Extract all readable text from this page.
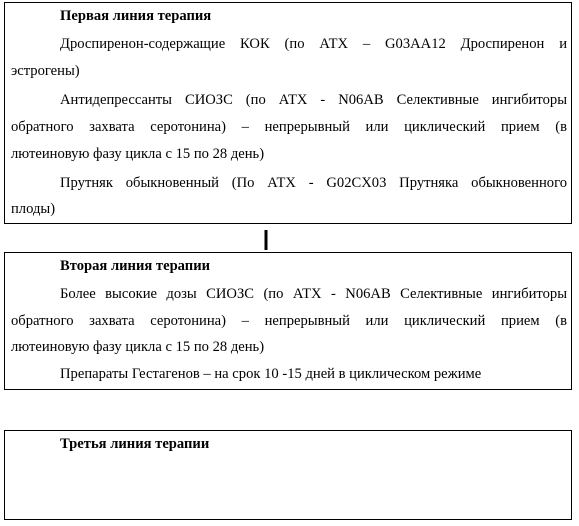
Первая линия терапия
Дроспиренон-содержащие КОК (по АТХ – G03AA12 Дроспиренон и
эстрогены)
Антидепрессанты СИОЗС (по АТХ - N06AB Селективные ингибиторы
обратного захвата серотонина) – непрерывный или циклический прием (в
лютеиновую фазу цикла с 15 по 28 день)
Прутняк обыкновенный (По АТХ - G02CX03 Прутняка обыкновенного
плоды)
Вторая линия терапии
Более высокие дозы СИОЗС (по АТХ - N06AB Селективные ингибиторы
обратного захвата серотонина) – непрерывный или циклический прием (в
лютеиновую фазу цикла с 15 по 28 день)
Препараты Гестагенов – на срок 10 -15 дней в циклическом режиме
Третья линия терапии
